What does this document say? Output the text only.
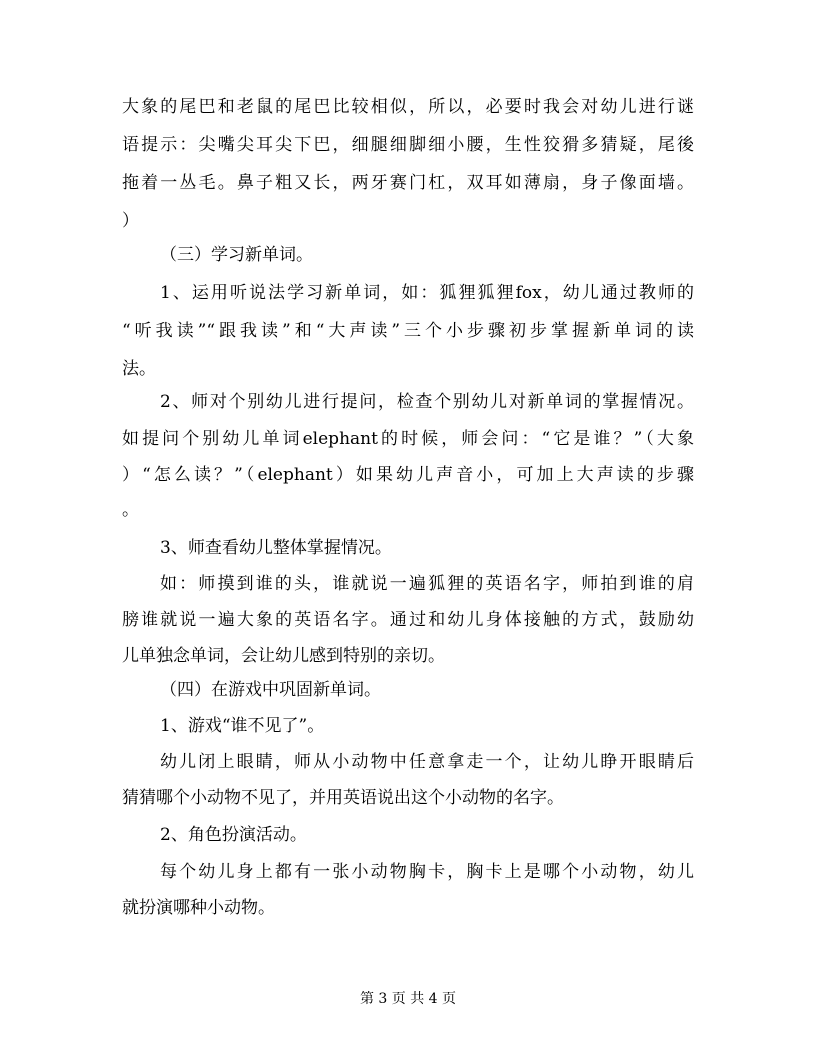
大象的尾巴和老鼠的尾巴比较相似，所以，必要时我会对幼儿进行谜
语提示：尖嘴尖耳尖下巴，细腿细脚细小腰，生性狡猾多猜疑，尾後
拖着一丛毛。鼻子粗又长，两牙赛门杠，双耳如薄扇，身子像面墙。
）
（三）学习新单词。
1、运用听说法学习新单词，如：狐狸狐狸fox，幼儿通过教师的
“听我读”“跟我读”和“大声读”三个小步骤初步掌握新单词的读
法。
2、师对个别幼儿进行提问，检查个别幼儿对新单词的掌握情况。
如提问个别幼儿单词elephant的时候，师会问：“它是谁？”（大象
）“怎么读？”（elephant）如果幼儿声音小，可加上大声读的步骤
。
3、师查看幼儿整体掌握情况。
如：师摸到谁的头，谁就说一遍狐狸的英语名字，师拍到谁的肩
膀谁就说一遍大象的英语名字。通过和幼儿身体接触的方式，鼓励幼
儿单独念单词，会让幼儿感到特别的亲切。
（四）在游戏中巩固新单词。
1、游戏“谁不见了”。
幼儿闭上眼睛，师从小动物中任意拿走一个，让幼儿睁开眼睛后
猜猜哪个小动物不见了，并用英语说出这个小动物的名字。
2、角色扮演活动。
每个幼儿身上都有一张小动物胸卡，胸卡上是哪个小动物，幼儿
就扮演哪种小动物。
第 3 页 共 4 页
